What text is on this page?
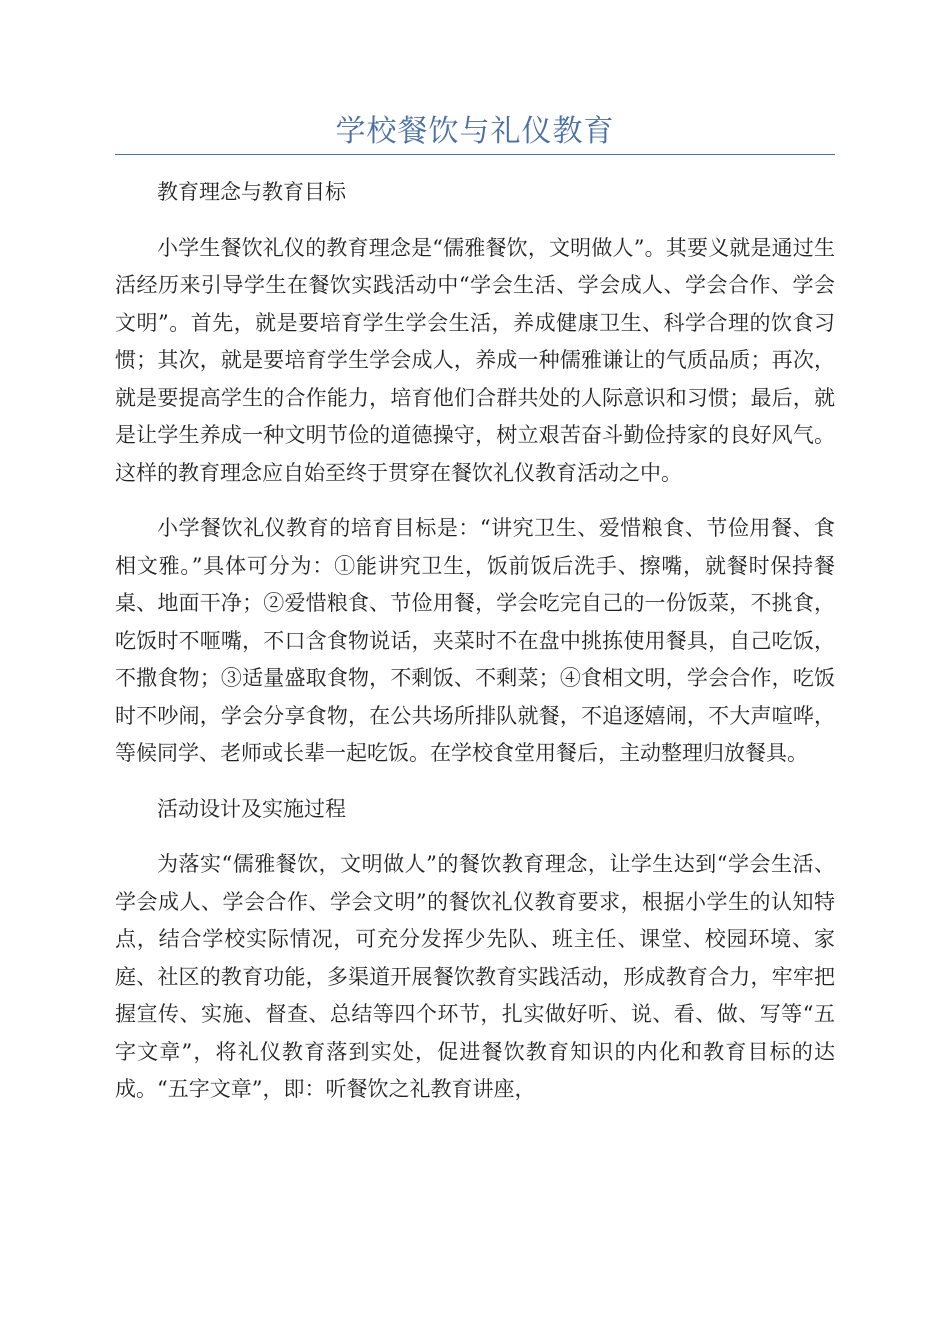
学校餐饮与礼仪教育

教育理念与教育目标

小学生餐饮礼仪的教育理念是“儒雅餐饮，文明做人”。其要义就是通过生活经历来引导学生在餐饮实践活动中“学会生活、学会成人、学会合作、学会文明”。首先，就是要培育学生学会生活，养成健康卫生、科学合理的饮食习惯；其次，就是要培育学生学会成人，养成一种儒雅谦让的气质品质；再次，就是要提高学生的合作能力，培育他们合群共处的人际意识和习惯；最后，就是让学生养成一种文明节俭的道德操守，树立艰苦奋斗勤俭持家的良好风气。这样的教育理念应自始至终于贯穿在餐饮礼仪教育活动之中。

小学餐饮礼仪教育的培育目标是：“讲究卫生、爱惜粮食、节俭用餐、食相文雅。”具体可分为：①能讲究卫生，饭前饭后洗手、擦嘴，就餐时保持餐桌、地面干净；②爱惜粮食、节俭用餐，学会吃完自己的一份饭菜，不挑食，吃饭时不咂嘴，不口含食物说话，夹菜时不在盘中挑拣使用餐具，自己吃饭，不撒食物；③适量盛取食物，不剩饭、不剩菜；④食相文明，学会合作，吃饭时不吵闹，学会分享食物，在公共场所排队就餐，不追逐嬉闹，不大声喧哗，等候同学、老师或长辈一起吃饭。在学校食堂用餐后，主动整理归放餐具。

活动设计及实施过程

为落实“儒雅餐饮，文明做人”的餐饮教育理念，让学生达到“学会生活、学会成人、学会合作、学会文明”的餐饮礼仪教育要求，根据小学生的认知特点，结合学校实际情况，可充分发挥少先队、班主任、课堂、校园环境、家庭、社区的教育功能，多渠道开展餐饮教育实践活动，形成教育合力，牢牢把握宣传、实施、督查、总结等四个环节，扎实做好听、说、看、做、写等“五字文章”，将礼仪教育落到实处，促进餐饮教育知识的内化和教育目标的达成。“五字文章”，即：听餐饮之礼教育讲座，
